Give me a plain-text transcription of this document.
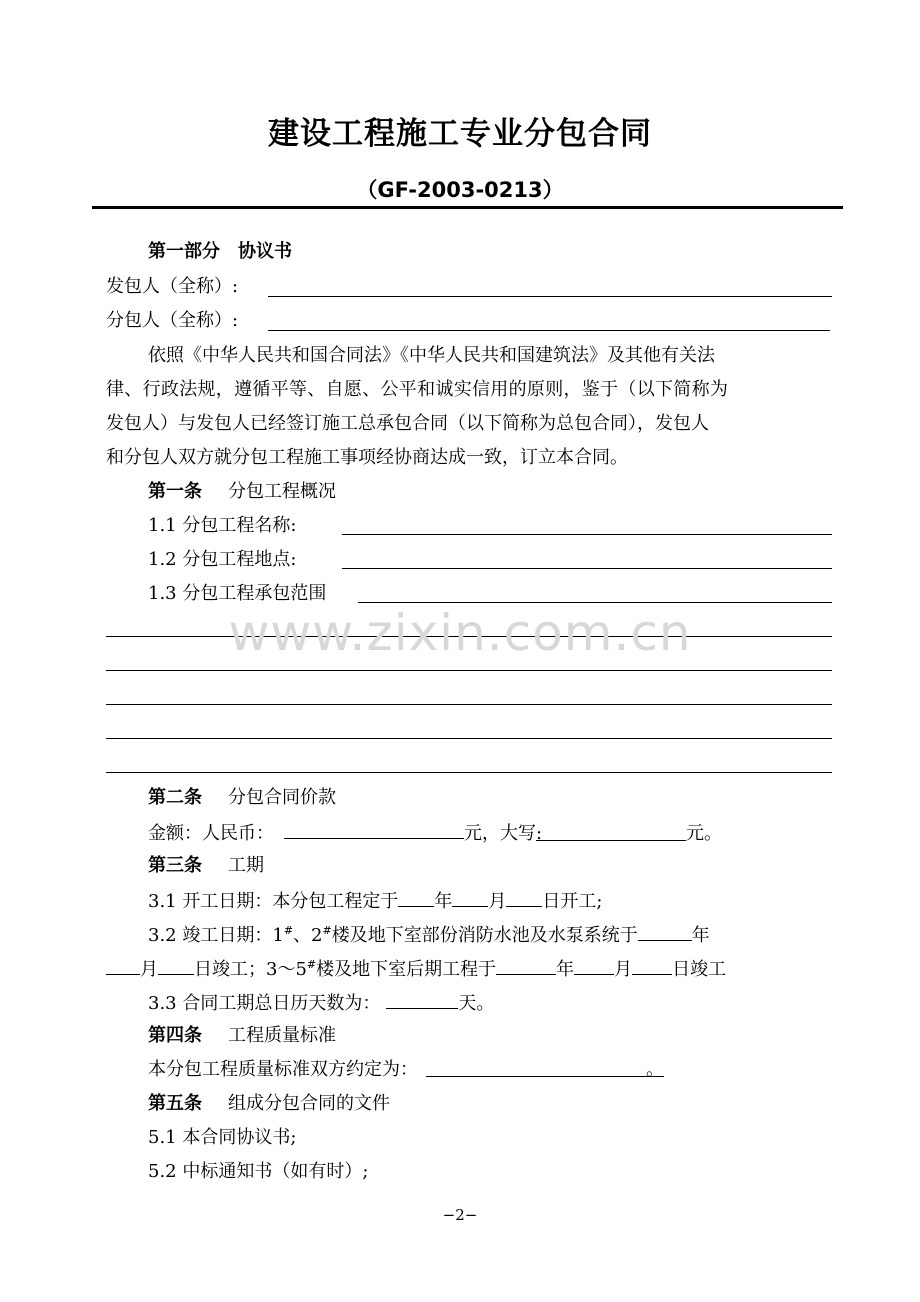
建设工程施工专业分包合同
（GF-2003-0213）
第一部分　协议书
发包人（全称）:
分包人（全称）:
依照《中华人民共和国合同法》《中华人民共和国建筑法》及其他有关法
律、行政法规，遵循平等、自愿、公平和诚实信用的原则，鉴于（以下简称为
发包人）与发包人已经签订施工总承包合同（以下简称为总包合同），发包人
和分包人双方就分包工程施工事项经协商达成一致，订立本合同。
第一条 分包工程概况
1.1 分包工程名称:
1.2 分包工程地点:
1.3 分包工程承包范围
第二条 分包合同价款
金额：人民币：	元，大写:	元。
第三条 工期
3.1 开工日期：本分包工程定于 年 月 日开工;
3.2 竣工日期：1#、2#楼及地下室部份消防水池及水泵系统于	年
月 日竣工；3～5#楼及地下室后期工程于	年 月 日竣工
3.3 合同工期总日历天数为：	天。
第四条 工程质量标准
本分包工程质量标准双方约定为：	。
第五条 组成分包合同的文件
5.1 本合同协议书;
5.2 中标通知书（如有时）;
www.zixin.com.cn
−2−
